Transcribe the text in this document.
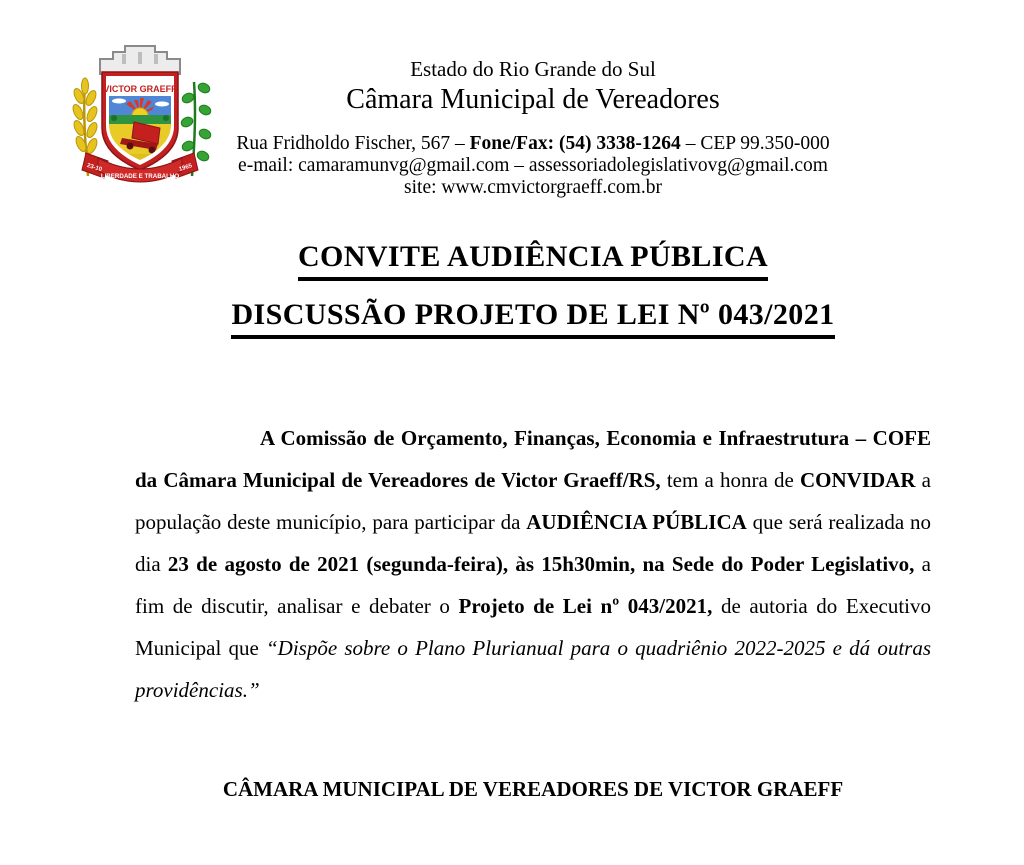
VICTOR GRAEFF
23-10
LIBERDADE E TRABALHO
1965
Estado do Rio Grande do Sul
Câmara Municipal de Vereadores
Rua Fridholdo Fischer, 567 – Fone/Fax: (54) 3338-1264 – CEP 99.350-000
e-mail: camaramunvg@gmail.com – assessoriadolegislativovg@gmail.com
site: www.cmvictorgraeff.com.br
CONVITE AUDIÊNCIA PÚBLICA
DISCUSSÃO PROJETO DE LEI Nº 043/2021

A Comissão de Orçamento, Finanças, Economia e Infraestrutura – COFE da Câmara Municipal de Vereadores de Victor Graeff/RS, tem a honra de CONVIDAR a população deste município, para participar da AUDIÊNCIA PÚBLICA que será realizada no dia 23 de agosto de 2021 (segunda-feira), às 15h30min, na Sede do Poder Legislativo, a fim de discutir, analisar e debater o Projeto de Lei nº 043/2021, de autoria do Executivo Municipal que “Dispõe sobre o Plano Plurianual para o quadriênio 2022-2025 e dá outras providências.”

CÂMARA MUNICIPAL DE VEREADORES DE VICTOR GRAEFF
